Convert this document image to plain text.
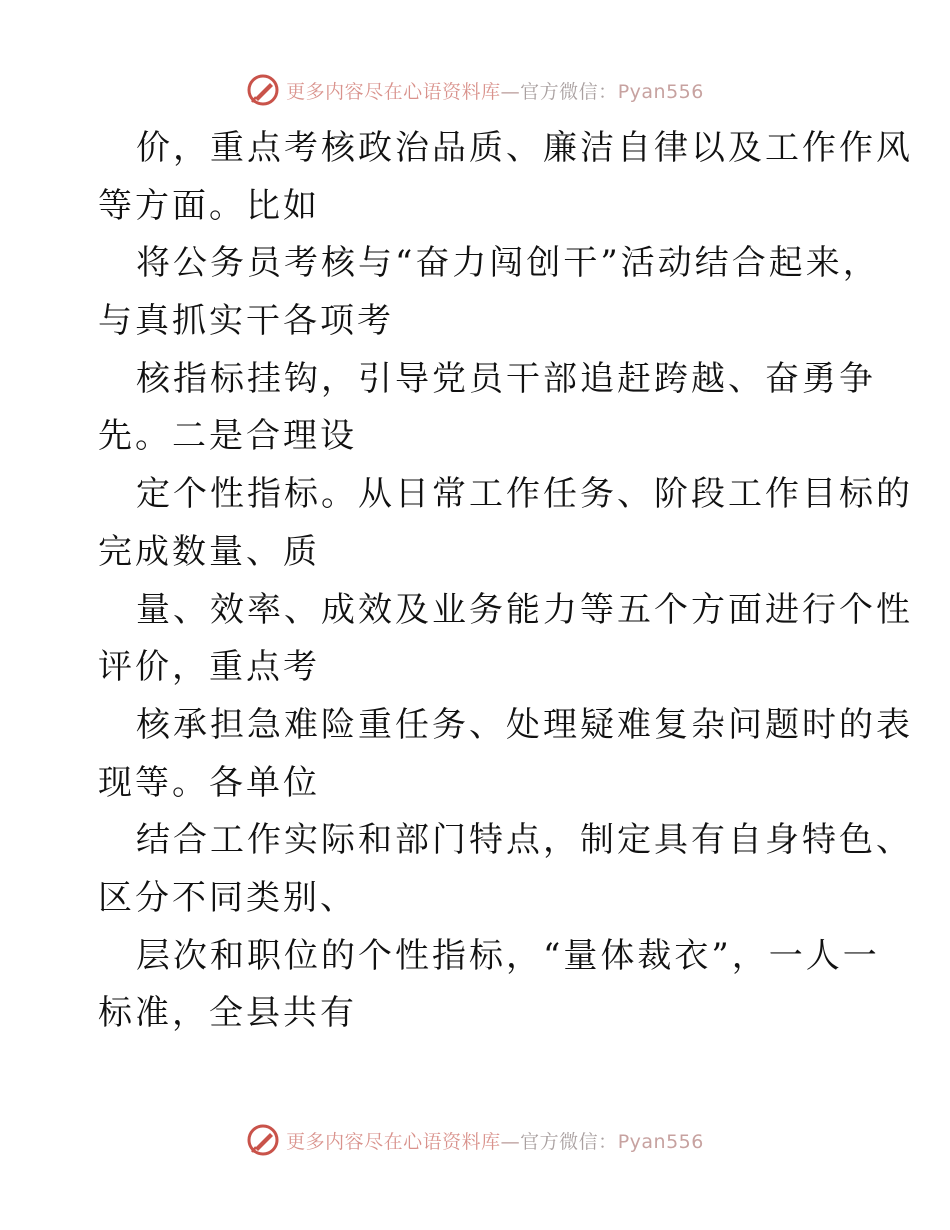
更多内容尽在心语资料库—官方微信：Pyan556
价，重点考核政治品质、廉洁自律以及工作作风
等方面。比如
将公务员考核与“奋力闯创干”活动结合起来，
与真抓实干各项考
核指标挂钩，引导党员干部追赶跨越、奋勇争
先。二是合理设
定个性指标。从日常工作任务、阶段工作目标的
完成数量、质
量、效率、成效及业务能力等五个方面进行个性
评价，重点考
核承担急难险重任务、处理疑难复杂问题时的表
现等。各单位
结合工作实际和部门特点，制定具有自身特色、
区分不同类别、
层次和职位的个性指标，“量体裁衣”，一人一
标准，全县共有
更多内容尽在心语资料库—官方微信：Pyan556
